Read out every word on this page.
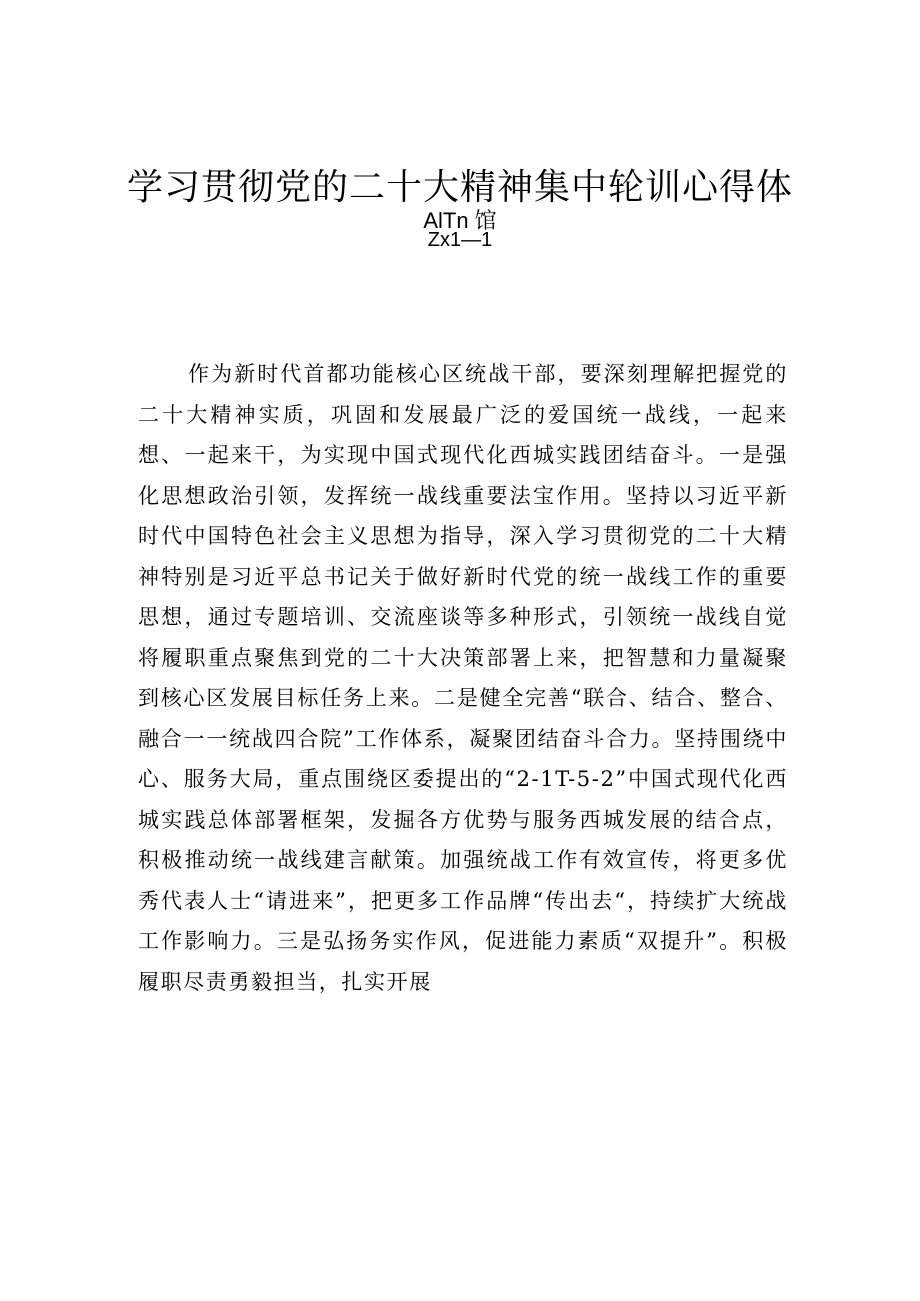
学习贯彻党的二十大精神集中轮训心得体
AlTn 馆
Zx1—1

作为新时代首都功能核心区统战干部，要深刻理解把握党的二十大精神实质，巩固和发展最广泛的爱国统一战线，一起来想、一起来干，为实现中国式现代化西城实践团结奋斗。一是强化思想政治引领，发挥统一战线重要法宝作用。坚持以习近平新时代中国特色社会主义思想为指导，深入学习贯彻党的二十大精神特别是习近平总书记关于做好新时代党的统一战线工作的重要思想，通过专题培训、交流座谈等多种形式，引领统一战线自觉将履职重点聚焦到党的二十大决策部署上来，把智慧和力量凝聚到核心区发展目标任务上来。二是健全完善“联合、结合、整合、融合一一统战四合院”工作体系，凝聚团结奋斗合力。坚持围绕中心、服务大局，重点围绕区委提出的“2-1T-5-2”中国式现代化西城实践总体部署框架，发掘各方优势与服务西城发展的结合点，积极推动统一战线建言献策。加强统战工作有效宣传，将更多优秀代表人士“请进来”，把更多工作品牌“传出去“，持续扩大统战工作影响力。三是弘扬务实作风，促进能力素质“双提升”。积极履职尽责勇毅担当，扎实开展
